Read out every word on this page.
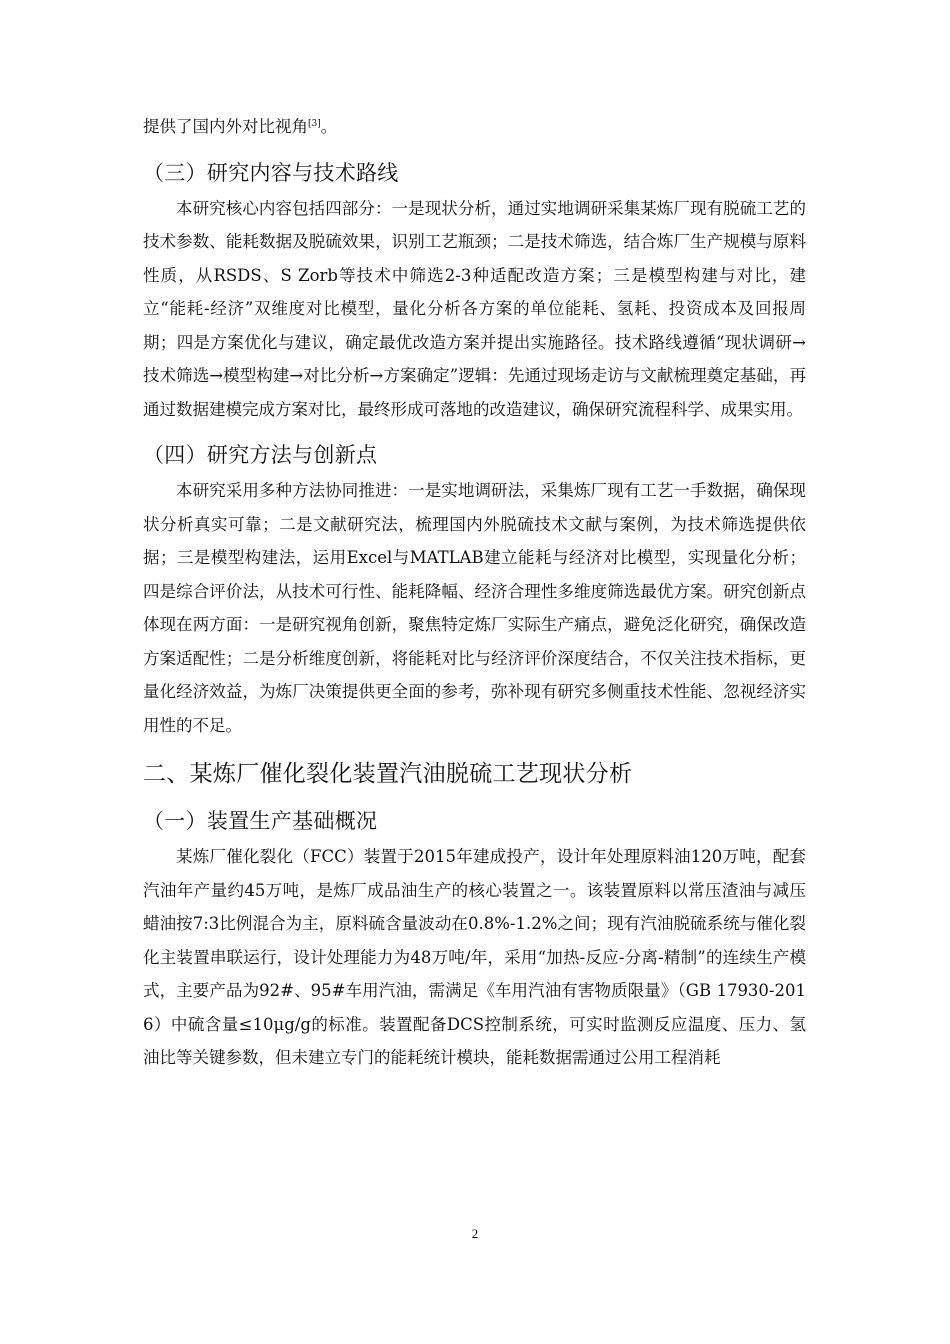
提供了国内外对比视角[3]。

（三）研究内容与技术路线

本研究核心内容包括四部分：一是现状分析，通过实地调研采集某炼厂现有脱硫工艺的技术参数、能耗数据及脱硫效果，识别工艺瓶颈；二是技术筛选，结合炼厂生产规模与原料性质，从RSDS、S Zorb等技术中筛选2-3种适配改造方案；三是模型构建与对比，建立“能耗-经济”双维度对比模型，量化分析各方案的单位能耗、氢耗、投资成本及回报周期；四是方案优化与建议，确定最优改造方案并提出实施路径。技术路线遵循“现状调研→技术筛选→模型构建→对比分析→方案确定”逻辑：先通过现场走访与文献梳理奠定基础，再通过数据建模完成方案对比，最终形成可落地的改造建议，确保研究流程科学、成果实用。

（四）研究方法与创新点

本研究采用多种方法协同推进：一是实地调研法，采集炼厂现有工艺一手数据，确保现状分析真实可靠；二是文献研究法，梳理国内外脱硫技术文献与案例，为技术筛选提供依据；三是模型构建法，运用Excel与MATLAB建立能耗与经济对比模型，实现量化分析；四是综合评价法，从技术可行性、能耗降幅、经济合理性多维度筛选最优方案。研究创新点体现在两方面：一是研究视角创新，聚焦特定炼厂实际生产痛点，避免泛化研究，确保改造方案适配性；二是分析维度创新，将能耗对比与经济评价深度结合，不仅关注技术指标，更量化经济效益，为炼厂决策提供更全面的参考，弥补现有研究多侧重技术性能、忽视经济实用性的不足。

二、某炼厂催化裂化装置汽油脱硫工艺现状分析
（一）装置生产基础概况

某炼厂催化裂化（FCC）装置于2015年建成投产，设计年处理原料油120万吨，配套汽油年产量约45万吨，是炼厂成品油生产的核心装置之一。该装置原料以常压渣油与减压蜡油按7:3比例混合为主，原料硫含量波动在0.8%-1.2%之间；现有汽油脱硫系统与催化裂化主装置串联运行，设计处理能力为48万吨/年，采用“加热-反应-分离-精制”的连续生产模式，主要产品为92#、95#车用汽油，需满足《车用汽油有害物质限量》（GB 17930-2016）中硫含量≤10μg/g的标准。装置配备DCS控制系统，可实时监测反应温度、压力、氢油比等关键参数，但未建立专门的能耗统计模块，能耗数据需通过公用工程消耗

2
